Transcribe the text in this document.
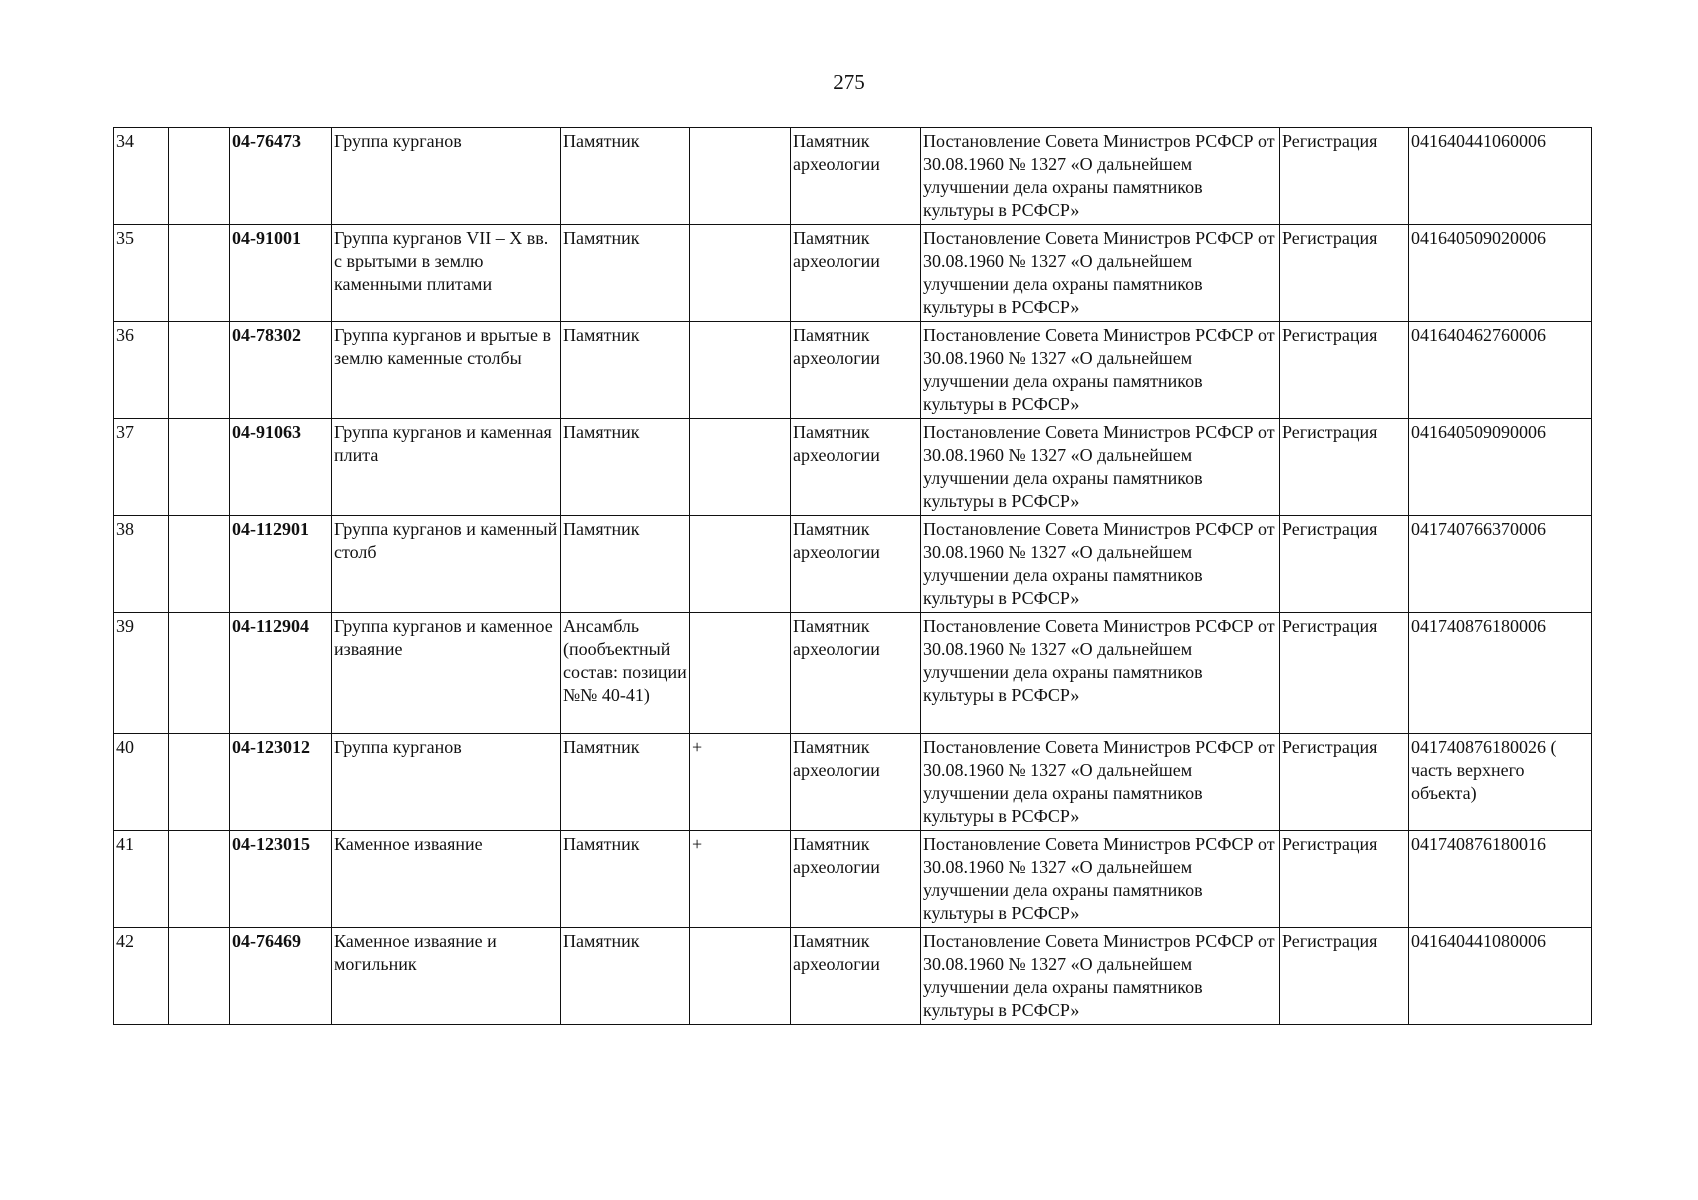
275
34		04-76473	Группа курганов	Памятник		Памятник археологии	Постановление Совета Министров РСФСР от 30.08.1960 № 1327 «О дальнейшем улучшении дела охраны памятников культуры в РСФСР»	Регистрация	041640441060006
35		04-91001	Группа курганов VII – X вв. с врытыми в землю каменными плитами	Памятник		Памятник археологии	Постановление Совета Министров РСФСР от 30.08.1960 № 1327 «О дальнейшем улучшении дела охраны памятников культуры в РСФСР»	Регистрация	041640509020006
36		04-78302	Группа курганов и врытые в землю каменные столбы	Памятник		Памятник археологии	Постановление Совета Министров РСФСР от 30.08.1960 № 1327 «О дальнейшем улучшении дела охраны памятников культуры в РСФСР»	Регистрация	041640462760006
37		04-91063	Группа курганов и каменная плита	Памятник		Памятник археологии	Постановление Совета Министров РСФСР от 30.08.1960 № 1327 «О дальнейшем улучшении дела охраны памятников культуры в РСФСР»	Регистрация	041640509090006
38		04-112901	Группа курганов и каменный столб	Памятник		Памятник археологии	Постановление Совета Министров РСФСР от 30.08.1960 № 1327 «О дальнейшем улучшении дела охраны памятников культуры в РСФСР»	Регистрация	041740766370006
39		04-112904	Группа курганов и каменное изваяние	Ансамбль (пообъектный состав: позиции №№ 40-41)		Памятник археологии	Постановление Совета Министров РСФСР от 30.08.1960 № 1327 «О дальнейшем улучшении дела охраны памятников культуры в РСФСР»	Регистрация	041740876180006
40		04-123012	Группа курганов	Памятник	+	Памятник археологии	Постановление Совета Министров РСФСР от 30.08.1960 № 1327 «О дальнейшем улучшении дела охраны памятников культуры в РСФСР»	Регистрация	041740876180026 ( часть верхнего объекта)
41		04-123015	Каменное изваяние	Памятник	+	Памятник археологии	Постановление Совета Министров РСФСР от 30.08.1960 № 1327 «О дальнейшем улучшении дела охраны памятников культуры в РСФСР»	Регистрация	041740876180016
42		04-76469	Каменное изваяние и могильник	Памятник		Памятник археологии	Постановление Совета Министров РСФСР от 30.08.1960 № 1327 «О дальнейшем улучшении дела охраны памятников культуры в РСФСР»	Регистрация	041640441080006
